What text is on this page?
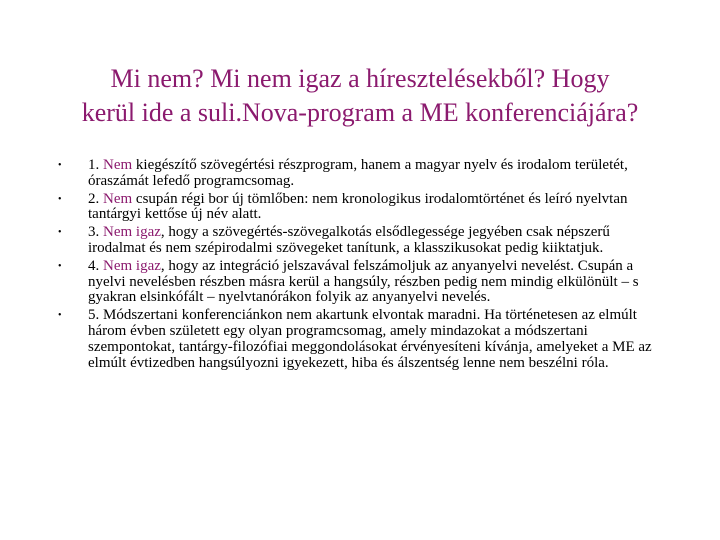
Mi nem? Mi nem igaz a híresztelésekből? Hogy
kerül ide a suli.Nova-program a ME konferenciájára?
• 1. Nem kiegészítő szövegértési részprogram, hanem a magyar nyelv és irodalom területét, óraszámát lefedő programcsomag.
• 2. Nem csupán régi bor új tömlőben: nem kronologikus irodalomtörténet és leíró nyelvtan tantárgyi kettőse új név alatt.
• 3. Nem igaz, hogy a szövegértés-szövegalkotás elsődlegessége jegyében csak népszerű irodalmat és nem szépirodalmi szövegeket tanítunk, a klasszikusokat pedig kiiktatjuk.
• 4. Nem igaz, hogy az integráció jelszavával felszámoljuk az anyanyelvi nevelést. Csupán a nyelvi nevelésben részben másra kerül a hangsúly, részben pedig nem mindig elkülönült – s gyakran elsinkófált – nyelvtanórákon folyik az anyanyelvi nevelés.
• 5. Módszertani konferenciánkon nem akartunk elvontak maradni. Ha történetesen az elmúlt három évben született egy olyan programcsomag, amely mindazokat a módszertani szempontokat, tantárgy-filozófiai meggondolásokat érvényesíteni kívánja, amelyeket a ME az elmúlt évtizedben hangsúlyozni igyekezett, hiba és álszentség lenne nem beszélni róla.
